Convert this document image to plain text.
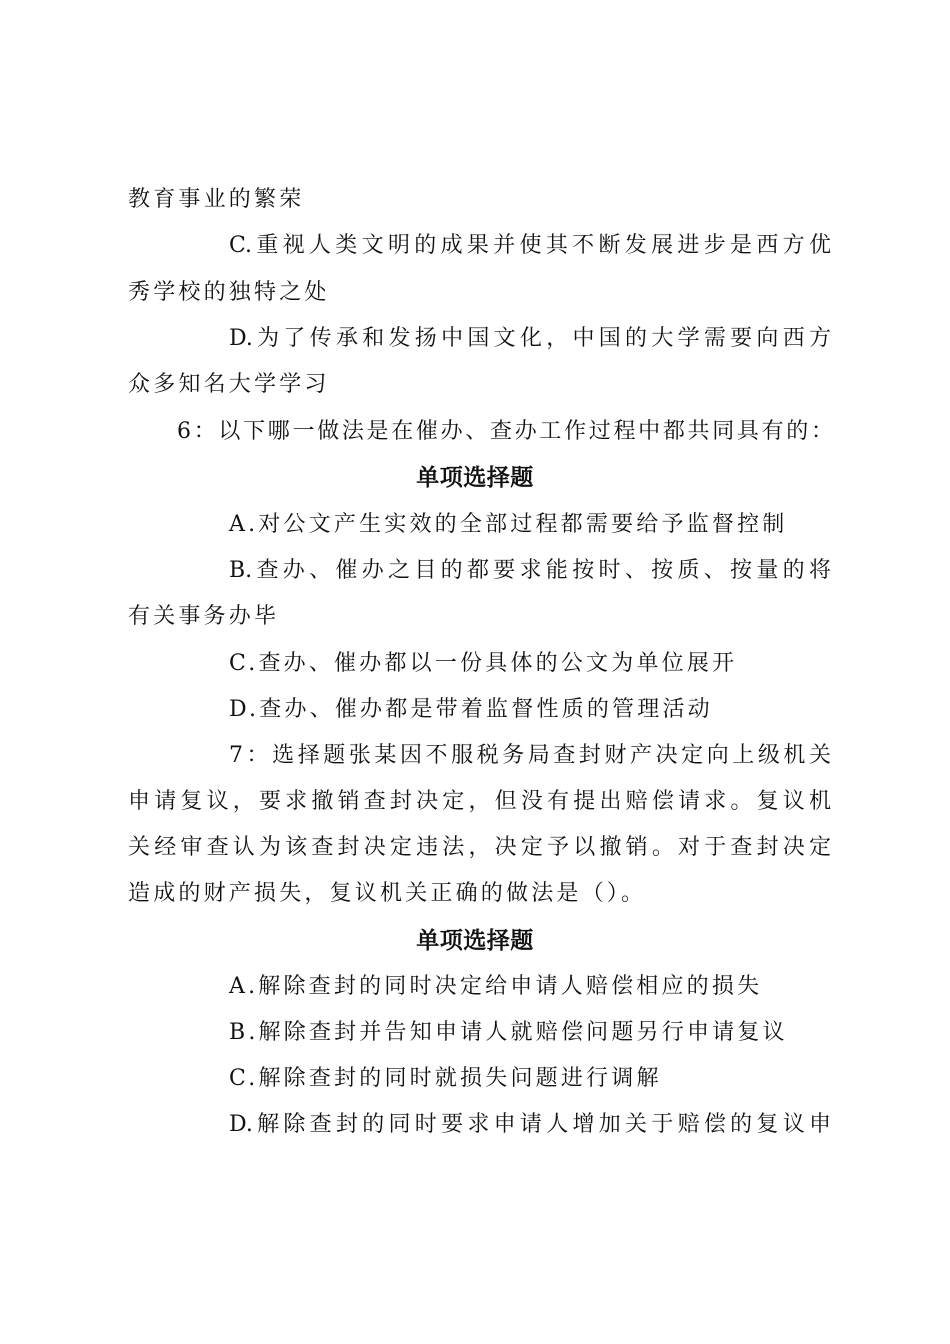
教育事业的繁荣
C.重视人类文明的成果并使其不断发展进步是西方优
秀学校的独特之处
D.为了传承和发扬中国文化，中国的大学需要向西方
众多知名大学学习
6：以下哪一做法是在催办、查办工作过程中都共同具有的：
单项选择题
A.对公文产生实效的全部过程都需要给予监督控制
B.查办、催办之目的都要求能按时、按质、按量的将
有关事务办毕
C.查办、催办都以一份具体的公文为单位展开
D.查办、催办都是带着监督性质的管理活动
7：选择题张某因不服税务局查封财产决定向上级机关
申请复议，要求撤销查封决定，但没有提出赔偿请求。复议机
关经审查认为该查封决定违法，决定予以撤销。对于查封决定
造成的财产损失，复议机关正确的做法是（）。
单项选择题
A.解除查封的同时决定给申请人赔偿相应的损失
B.解除查封并告知申请人就赔偿问题另行申请复议
C.解除查封的同时就损失问题进行调解
D.解除查封的同时要求申请人增加关于赔偿的复议申
